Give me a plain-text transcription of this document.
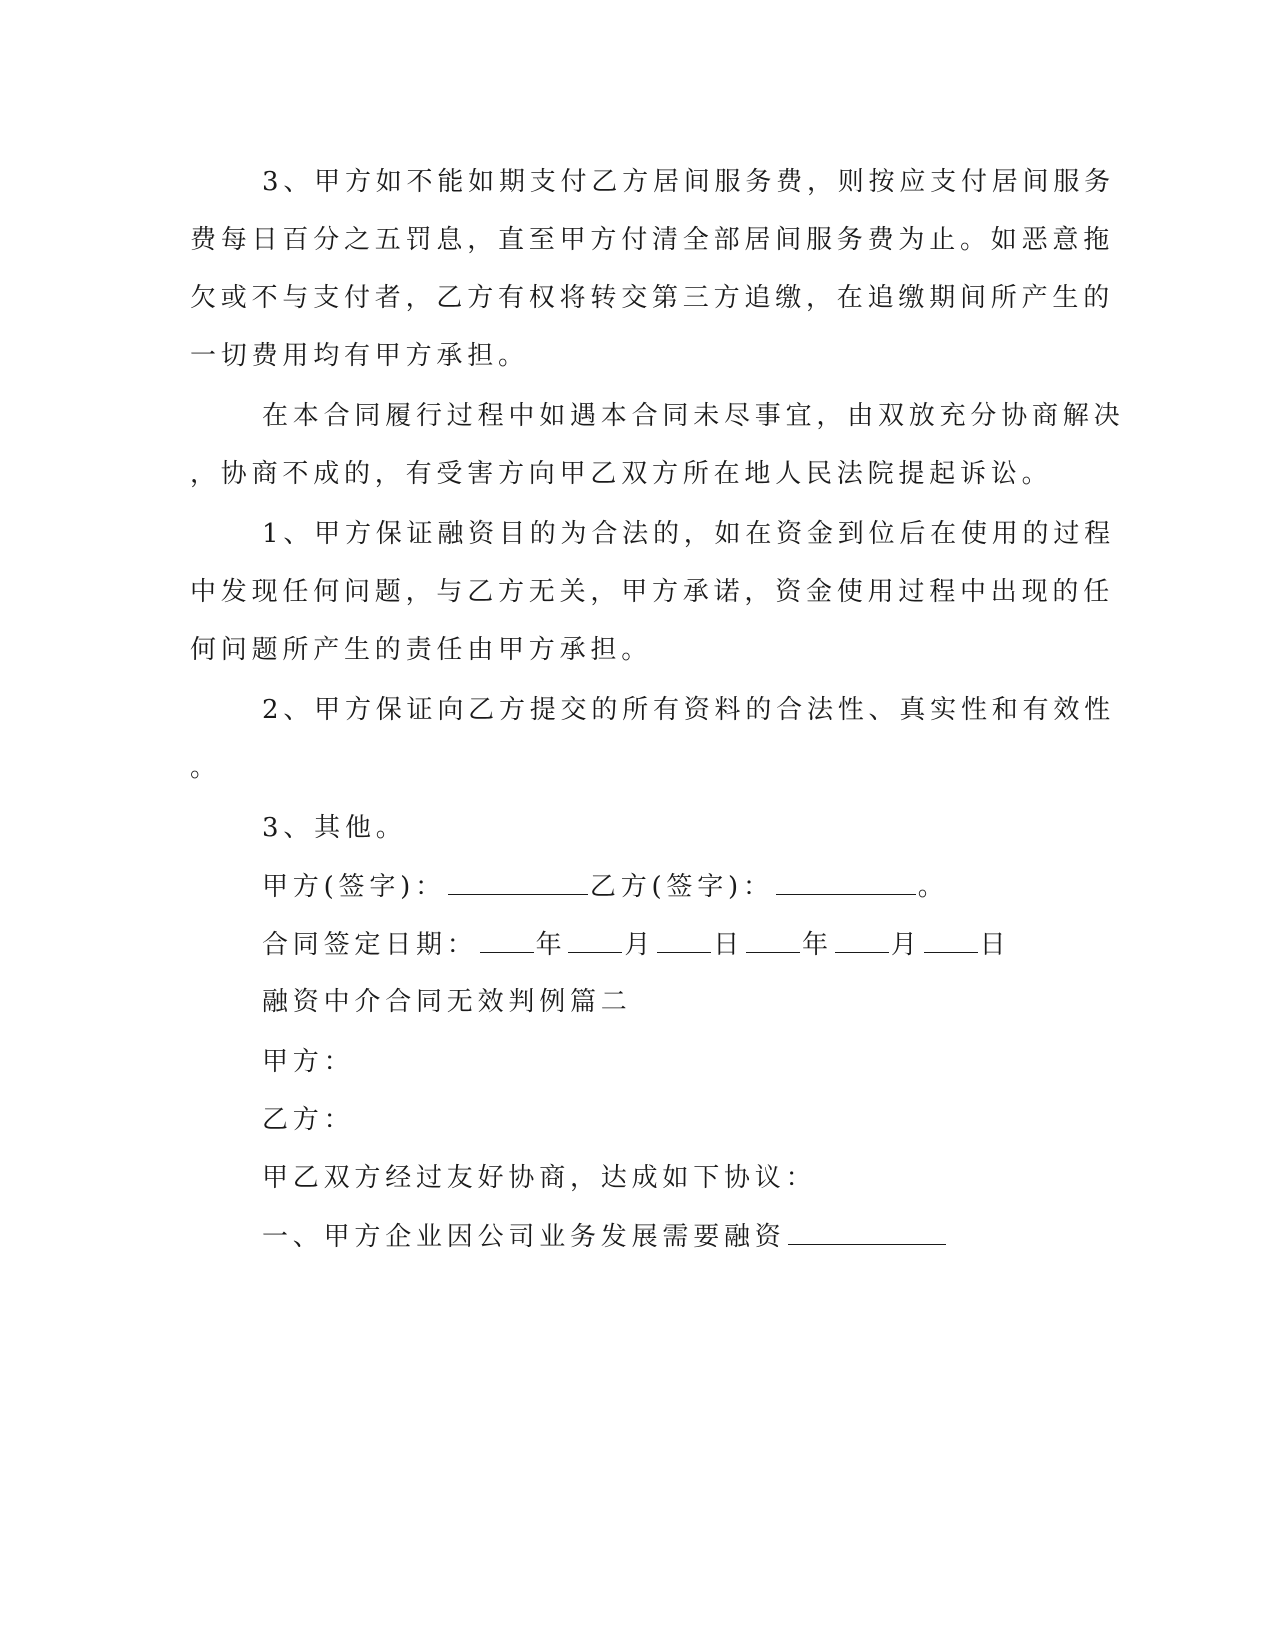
3、甲方如不能如期支付乙方居间服务费，则按应支付居间服务

费每日百分之五罚息，直至甲方付清全部居间服务费为止。如恶意拖

欠或不与支付者，乙方有权将转交第三方追缴，在追缴期间所产生的

一切费用均有甲方承担。

在本合同履行过程中如遇本合同未尽事宜，由双放充分协商解决

，协商不成的，有受害方向甲乙双方所在地人民法院提起诉讼。

1、甲方保证融资目的为合法的，如在资金到位后在使用的过程

中发现任何问题，与乙方无关，甲方承诺，资金使用过程中出现的任

何问题所产生的责任由甲方承担。

2、甲方保证向乙方提交的所有资料的合法性、真实性和有效性

。

3、其他。

甲方(签字)：	乙方(签字)：	。

合同签定日期： 年 月 日 年 月 日

融资中介合同无效判例篇二

甲方：

乙方：

甲乙双方经过友好协商，达成如下协议：

一、甲方企业因公司业务发展需要融资
